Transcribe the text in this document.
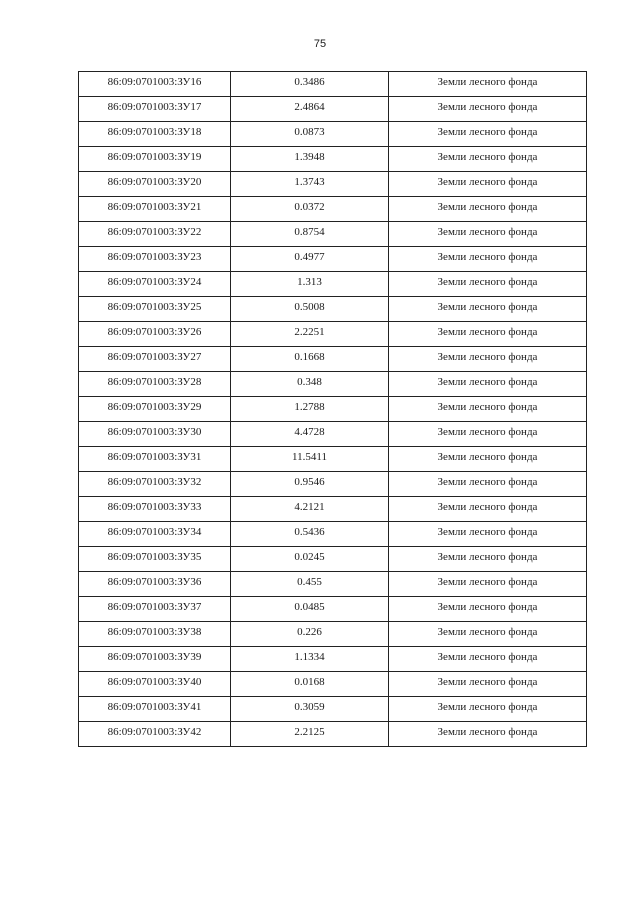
75
86:09:0701003:ЗУ16	0.3486	Земли лесного фонда
86:09:0701003:ЗУ17	2.4864	Земли лесного фонда
86:09:0701003:ЗУ18	0.0873	Земли лесного фонда
86:09:0701003:ЗУ19	1.3948	Земли лесного фонда
86:09:0701003:ЗУ20	1.3743	Земли лесного фонда
86:09:0701003:ЗУ21	0.0372	Земли лесного фонда
86:09:0701003:ЗУ22	0.8754	Земли лесного фонда
86:09:0701003:ЗУ23	0.4977	Земли лесного фонда
86:09:0701003:ЗУ24	1.313	Земли лесного фонда
86:09:0701003:ЗУ25	0.5008	Земли лесного фонда
86:09:0701003:ЗУ26	2.2251	Земли лесного фонда
86:09:0701003:ЗУ27	0.1668	Земли лесного фонда
86:09:0701003:ЗУ28	0.348	Земли лесного фонда
86:09:0701003:ЗУ29	1.2788	Земли лесного фонда
86:09:0701003:ЗУ30	4.4728	Земли лесного фонда
86:09:0701003:ЗУ31	11.5411	Земли лесного фонда
86:09:0701003:ЗУ32	0.9546	Земли лесного фонда
86:09:0701003:ЗУ33	4.2121	Земли лесного фонда
86:09:0701003:ЗУ34	0.5436	Земли лесного фонда
86:09:0701003:ЗУ35	0.0245	Земли лесного фонда
86:09:0701003:ЗУ36	0.455	Земли лесного фонда
86:09:0701003:ЗУ37	0.0485	Земли лесного фонда
86:09:0701003:ЗУ38	0.226	Земли лесного фонда
86:09:0701003:ЗУ39	1.1334	Земли лесного фонда
86:09:0701003:ЗУ40	0.0168	Земли лесного фонда
86:09:0701003:ЗУ41	0.3059	Земли лесного фонда
86:09:0701003:ЗУ42	2.2125	Земли лесного фонда
